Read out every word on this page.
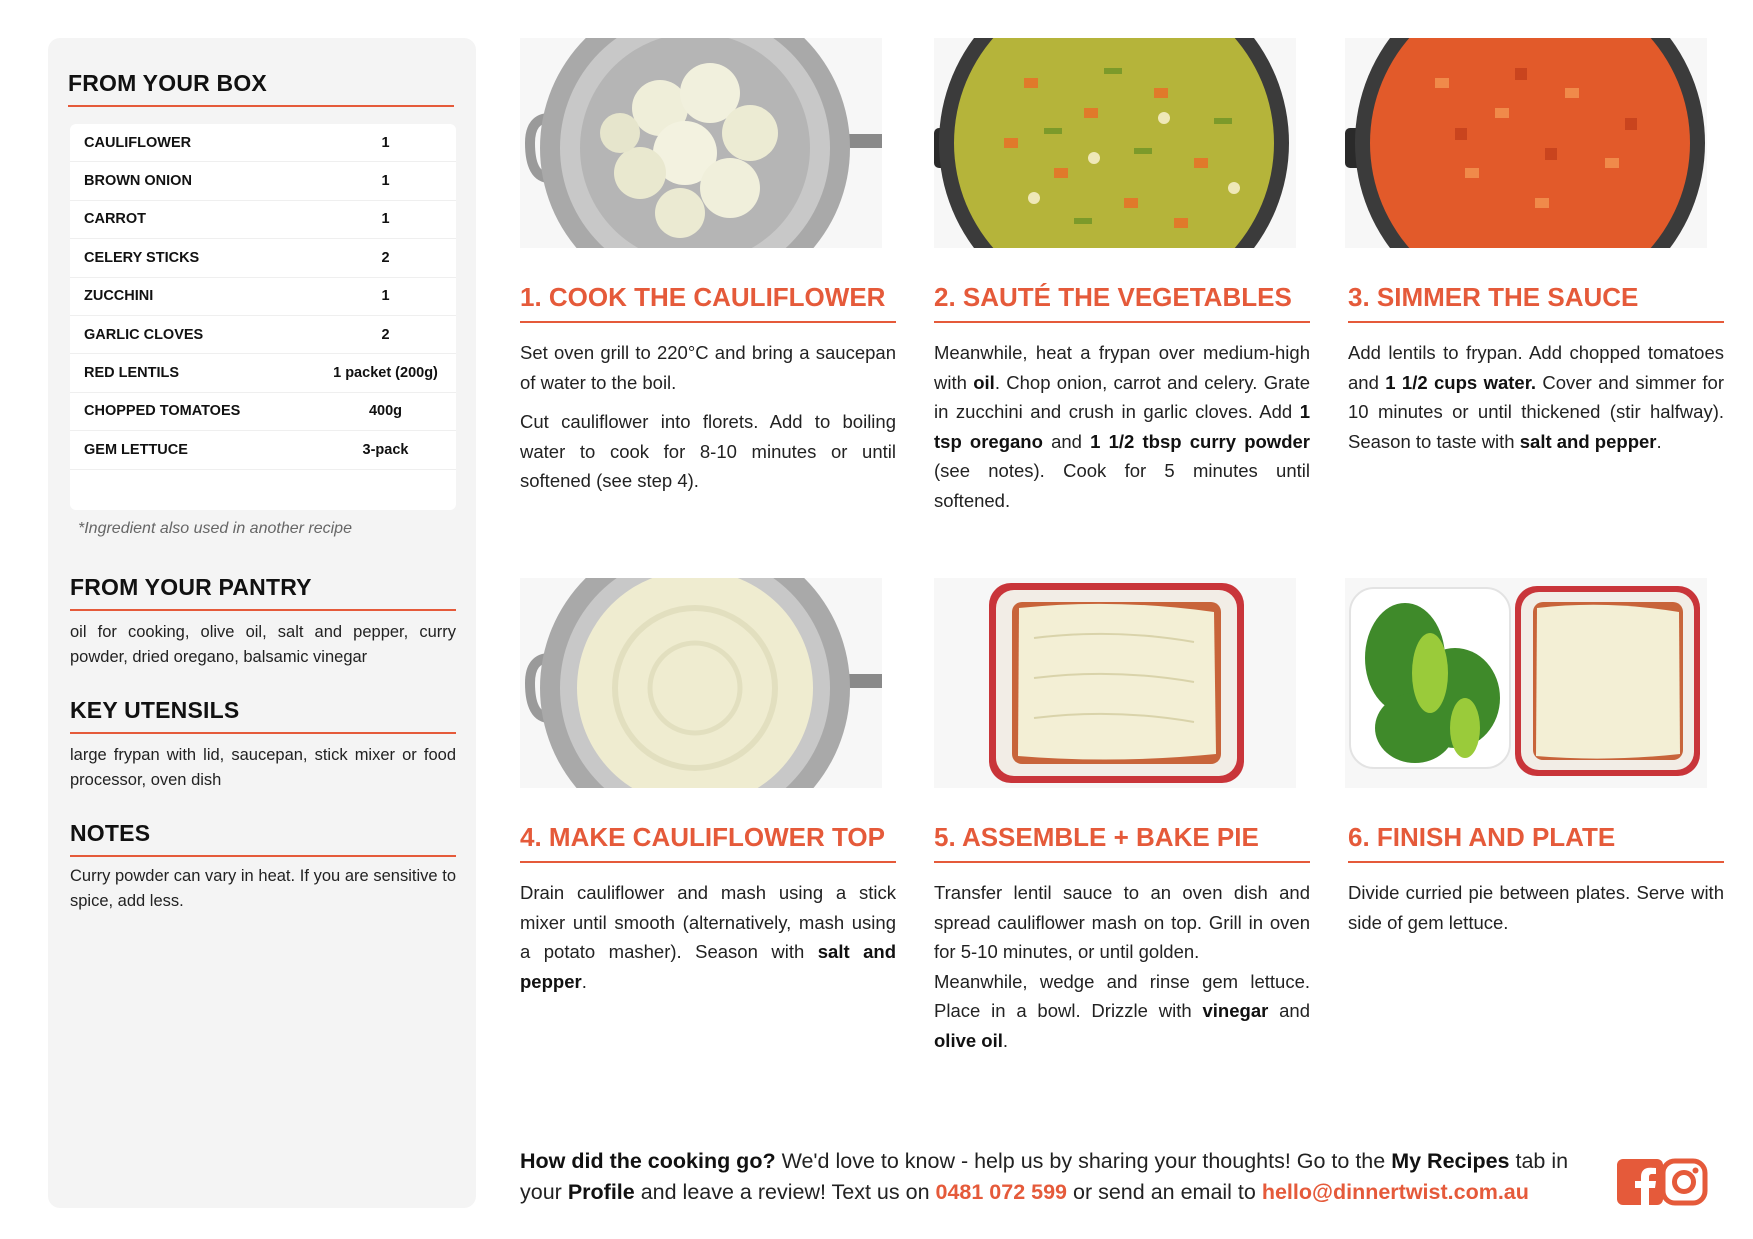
FROM YOUR BOX
CAULIFLOWER	1
BROWN ONION	1
CARROT	1
CELERY STICKS	2
ZUCCHINI	1
GARLIC CLOVES	2
RED LENTILS	1 packet (200g)
CHOPPED TOMATOES	400g
GEM LETTUCE	3-pack
*Ingredient also used in another recipe
FROM YOUR PANTRY
oil for cooking, olive oil, salt and pepper, curry powder, dried oregano, balsamic vinegar
KEY UTENSILS
large frypan with lid, saucepan, stick mixer or food processor, oven dish
NOTES
Curry powder can vary in heat. If you are sensitive to spice, add less.
1. COOK THE CAULIFLOWER	2. SAUTÉ THE VEGETABLES	3. SIMMER THE SAUCE
4. MAKE CAULIFLOWER TOP	5. ASSEMBLE + BAKE PIE	6. FINISH AND PLATE

Set oven grill to 220°C and bring a saucepan of water to the boil.

Cut cauliflower into florets. Add to boiling water to cook for 8-10 minutes or until softened (see step 4).

Meanwhile, heat a frypan over medium-high with oil. Chop onion, carrot and celery. Grate in zucchini and crush in garlic cloves. Add 1 tsp oregano and 1 1/2 tbsp curry powder (see notes). Cook for 5 minutes until softened.

Add lentils to frypan. Add chopped tomatoes and 1 1/2 cups water. Cover and simmer for 10 minutes or until thickened (stir halfway). Season to taste with salt and pepper.

Drain cauliflower and mash using a stick mixer until smooth (alternatively, mash using a potato masher). Season with salt and pepper.

Transfer lentil sauce to an oven dish and spread cauliflower mash on top. Grill in oven for 5-10 minutes, or until golden.

Meanwhile, wedge and rinse gem lettuce. Place in a bowl. Drizzle with vinegar and olive oil.

Divide curried pie between plates. Serve with side of gem lettuce.

How did the cooking go? We'd love to know - help us by sharing your thoughts! Go to the My Recipes tab in your Profile and leave a review! Text us on 0481 072 599 or send an email to hello@dinnertwist.com.au
